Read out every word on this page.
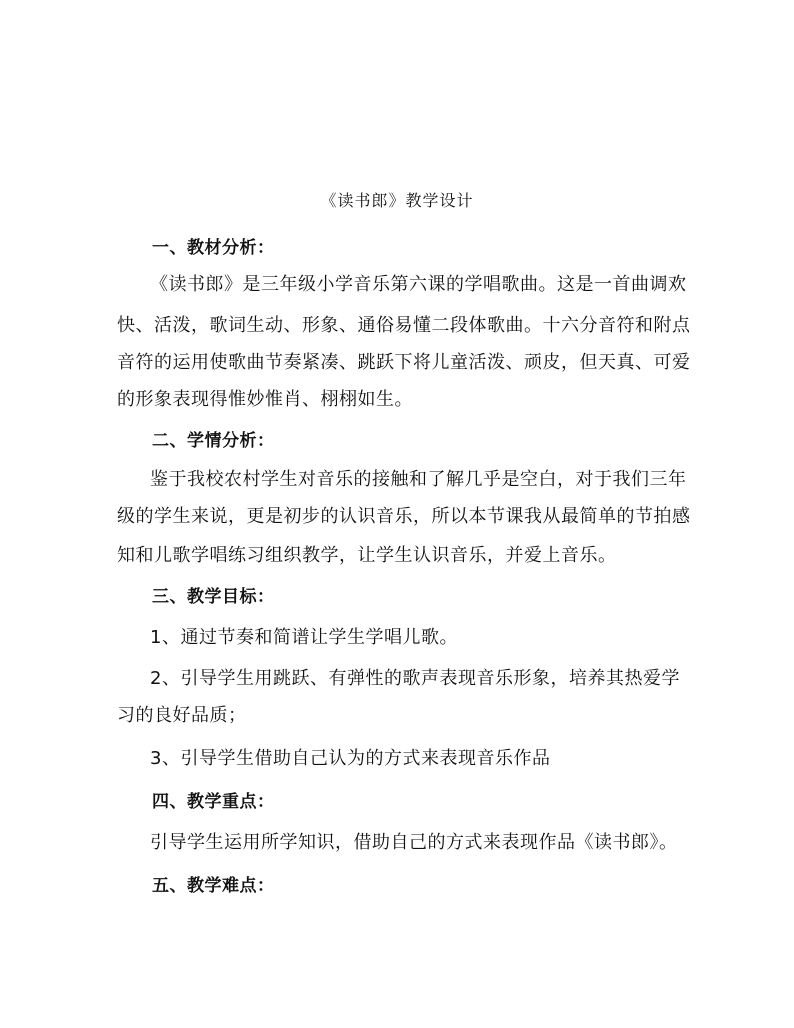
《读书郎》教学设计
一、教材分析：
《读书郎》是三年级小学音乐第六课的学唱歌曲。这是一首曲调欢
快、活泼，歌词生动、形象、通俗易懂二段体歌曲。十六分音符和附点
音符的运用使歌曲节奏紧凑、跳跃下将儿童活泼、顽皮，但天真、可爱
的形象表现得惟妙惟肖、栩栩如生。
二、学情分析：
鉴于我校农村学生对音乐的接触和了解几乎是空白，对于我们三年
级的学生来说，更是初步的认识音乐，所以本节课我从最简单的节拍感
知和儿歌学唱练习组织教学，让学生认识音乐，并爱上音乐。
三、教学目标：
1、通过节奏和简谱让学生学唱儿歌。
2、引导学生用跳跃、有弹性的歌声表现音乐形象，培养其热爱学
习的良好品质；
3、引导学生借助自己认为的方式来表现音乐作品
四、教学重点：
引导学生运用所学知识，借助自己的方式来表现作品《读书郎》。
五、教学难点：
